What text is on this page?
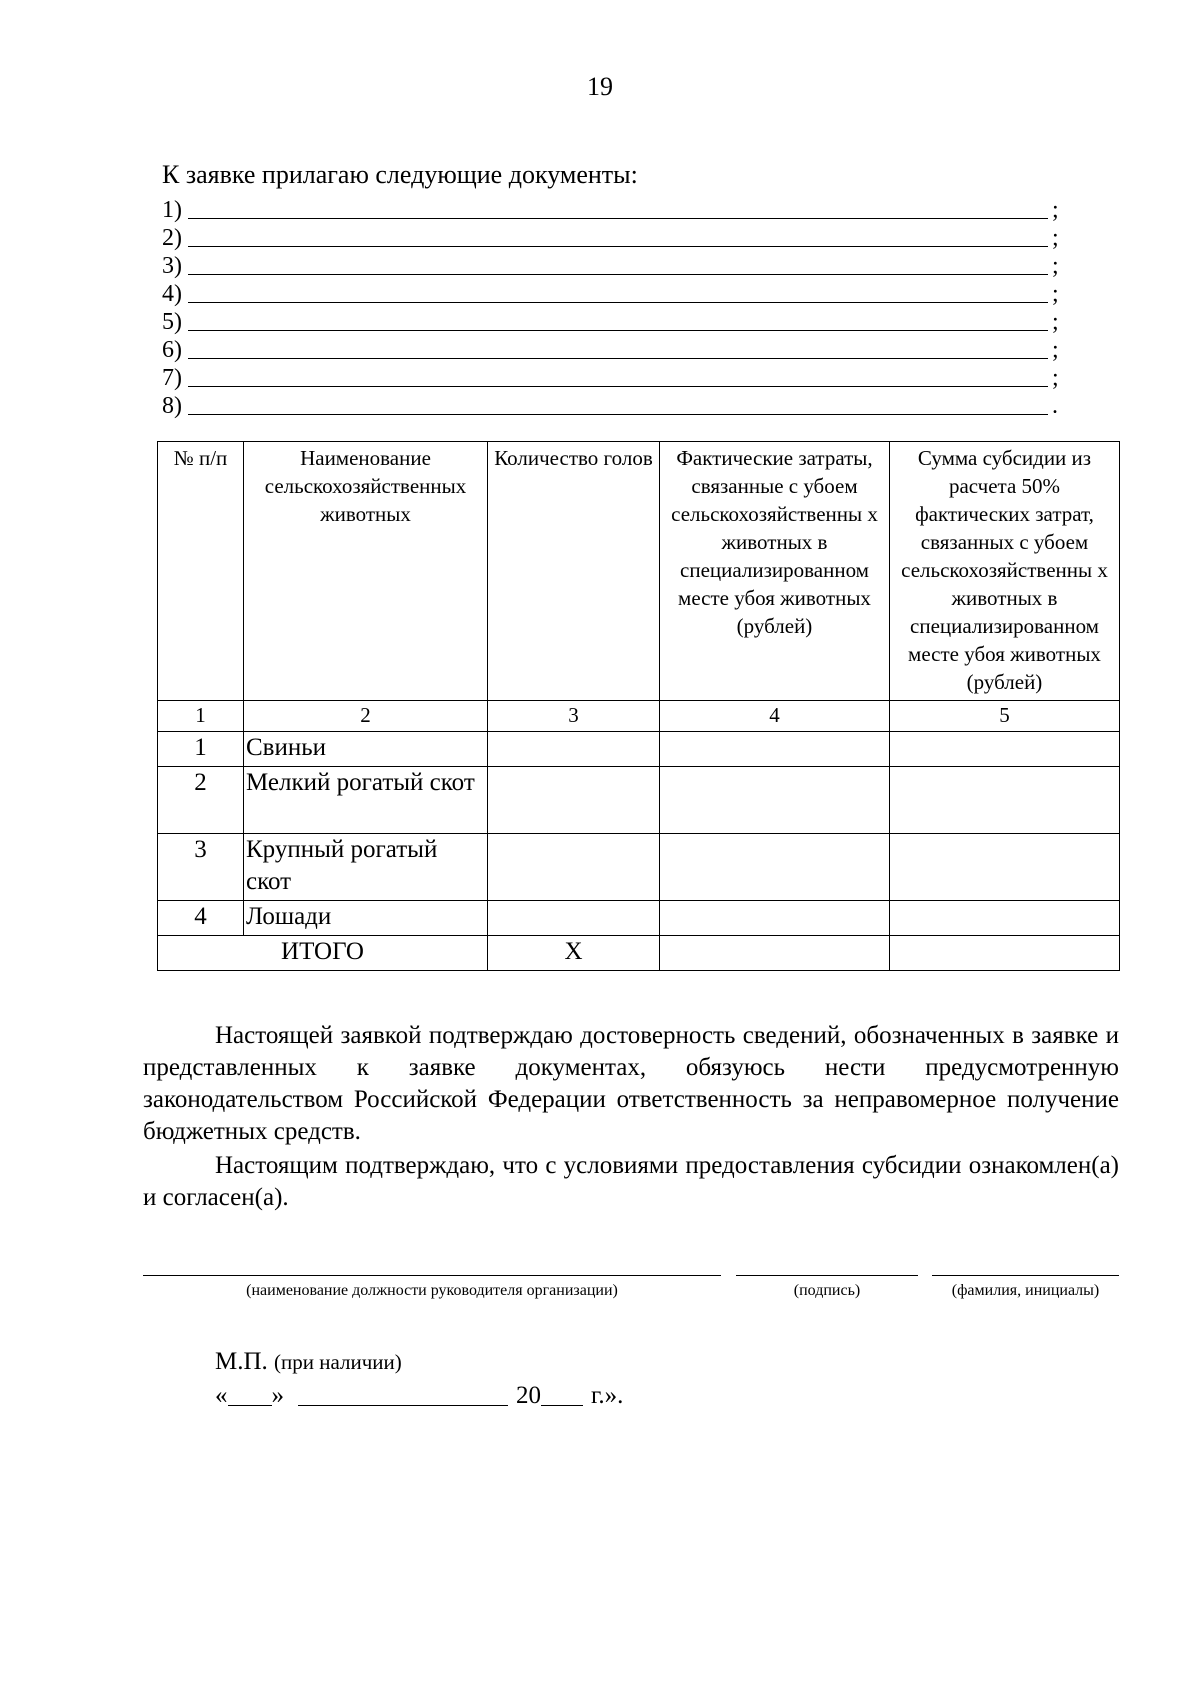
19
К заявке прилагаю следующие документы:
1)	;
2)	;
3)	;
4)	;
5)	;
6)	;
7)	;
8)	.
№ п/п	Наименование сельскохозяйственных животных	Количество голов	Фактические затраты, связанные с убоем сельскохозяйственны х животных в специализированном месте убоя животных (рублей)	Сумма субсидии из расчета 50% фактических затрат, связанных с убоем сельскохозяйственны х животных в специализированном месте убоя животных (рублей)
1	2	3	4	5
1	Свиньи			
2	Мелкий рогатый скот			
3	Крупный рогатый скот			
4	Лошади			
ИТОГО		Х		
Настоящей заявкой подтверждаю достоверность сведений, обозначенных в заявке и представленных к заявке документах, обязуюсь нести предусмотренную законодательством Российской Федерации ответственность за неправомерное получение бюджетных средств.
Настоящим подтверждаю, что с условиями предоставления субсидии ознакомлен(а) и согласен(а).
(наименование должности руководителя организации)	(подпись)	(фамилия, инициалы)
М.П. (при наличии)
« »	20 г.».
